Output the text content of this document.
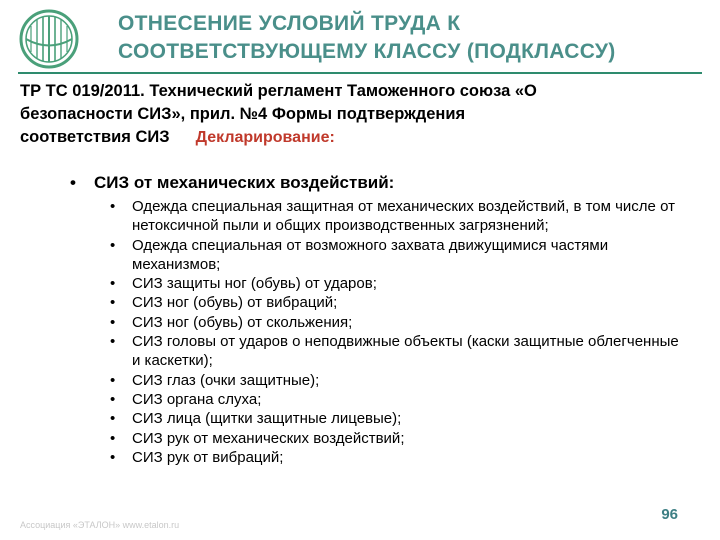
ОТНЕСЕНИЕ УСЛОВИЙ ТРУДА К
СООТВЕТСТВУЮЩЕМУ КЛАССУ (ПОДКЛАССУ)
ТР ТС 019/2011. Технический регламент Таможенного союза «О
безопасности СИЗ», прил. №4 Формы подтверждения
соответствия СИЗ Декларирование:
• СИЗ от механических воздействий:
• Одежда специальная защитная от механических воздействий, в том числе от нетоксичной пыли и общих производственных загрязнений;
• Одежда специальная от возможного захвата движущимися частями механизмов;
• СИЗ защиты ног (обувь) от ударов;
• СИЗ ног (обувь) от вибраций;
• СИЗ ног (обувь) от скольжения;
• СИЗ головы от ударов о неподвижные объекты (каски защитные облегченные и каскетки);
• СИЗ глаз (очки защитные);
• СИЗ органа слуха;
• СИЗ лица (щитки защитные лицевые);
• СИЗ рук от механических воздействий;
• СИЗ рук от вибраций;
Ассоциация «ЭТАЛОН» www.etalon.ru
96
